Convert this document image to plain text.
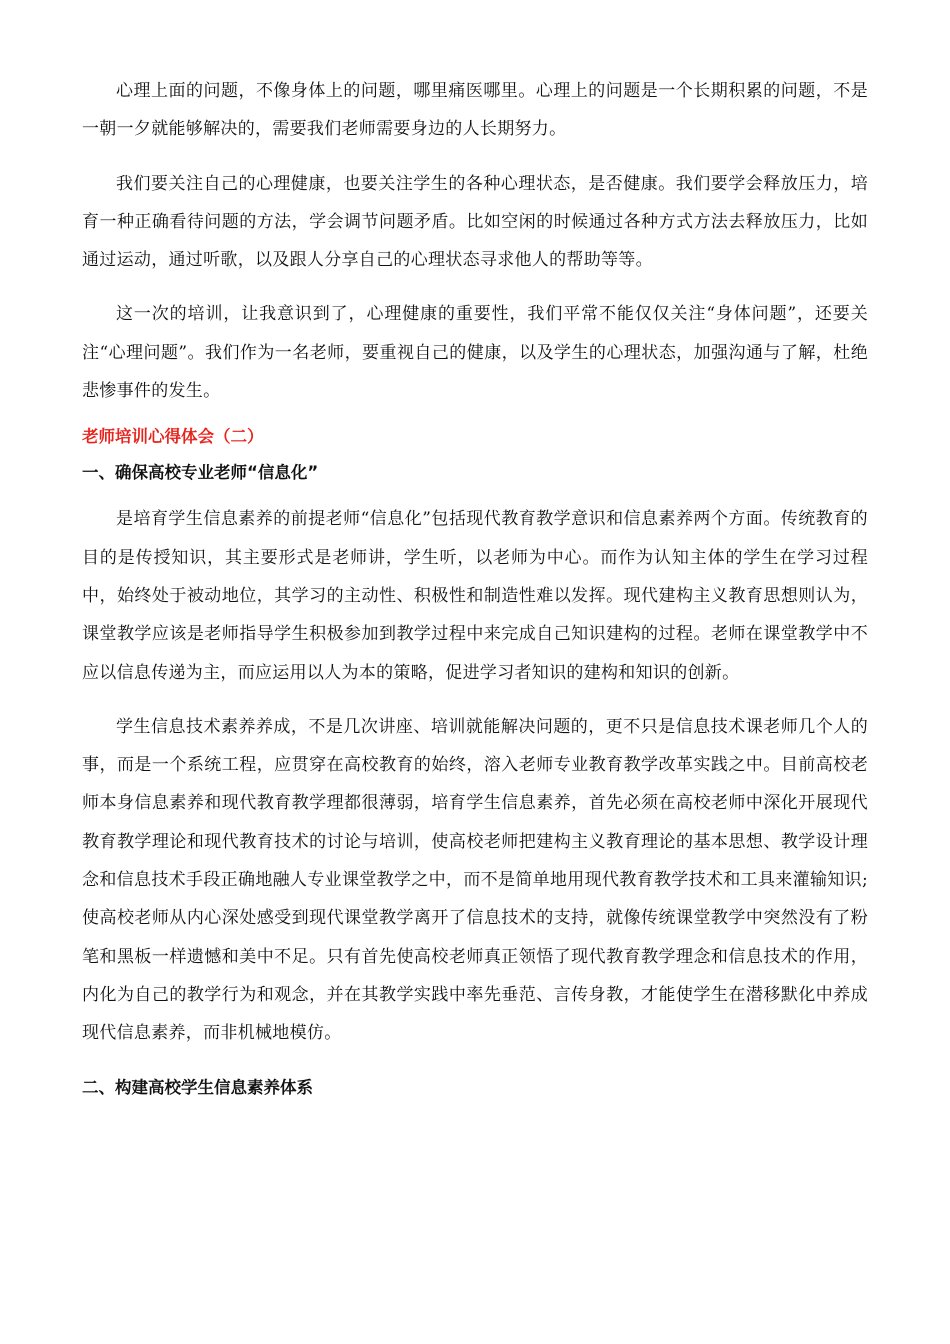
心理上面的问题，不像身体上的问题，哪里痛医哪里。心理上的问题是一个长期积累的问题，不是一朝一夕就能够解决的，需要我们老师需要身边的人长期努力。

我们要关注自己的心理健康，也要关注学生的各种心理状态，是否健康。我们要学会释放压力，培育一种正确看待问题的方法，学会调节问题矛盾。比如空闲的时候通过各种方式方法去释放压力，比如通过运动，通过听歌，以及跟人分享自己的心理状态寻求他人的帮助等等。

这一次的培训，让我意识到了，心理健康的重要性，我们平常不能仅仅关注“身体问题”，还要关注“心理问题”。我们作为一名老师，要重视自己的健康，以及学生的心理状态，加强沟通与了解，杜绝悲惨事件的发生。

老师培训心得体会（二）
一、确保高校专业老师“信息化”

是培育学生信息素养的前提老师“信息化”包括现代教育教学意识和信息素养两个方面。传统教育的目的是传授知识，其主要形式是老师讲，学生听，以老师为中心。而作为认知主体的学生在学习过程中，始终处于被动地位，其学习的主动性、积极性和制造性难以发挥。现代建构主义教育思想则认为，课堂教学应该是老师指导学生积极参加到教学过程中来完成自己知识建构的过程。老师在课堂教学中不应以信息传递为主，而应运用以人为本的策略，促进学习者知识的建构和知识的创新。

学生信息技术素养养成，不是几次讲座、培训就能解决问题的，更不只是信息技术课老师几个人的事，而是一个系统工程，应贯穿在高校教育的始终，溶入老师专业教育教学改革实践之中。目前高校老师本身信息素养和现代教育教学理都很薄弱，培育学生信息素养，首先必须在高校老师中深化开展现代教育教学理论和现代教育技术的讨论与培训，使高校老师把建构主义教育理论的基本思想、教学设计理念和信息技术手段正确地融人专业课堂教学之中，而不是简单地用现代教育教学技术和工具来灌输知识;使高校老师从内心深处感受到现代课堂教学离开了信息技术的支持，就像传统课堂教学中突然没有了粉笔和黑板一样遗憾和美中不足。只有首先使高校老师真正领悟了现代教育教学理念和信息技术的作用，内化为自己的教学行为和观念，并在其教学实践中率先垂范、言传身教，才能使学生在潜移默化中养成现代信息素养，而非机械地模仿。

二、构建高校学生信息素养体系
